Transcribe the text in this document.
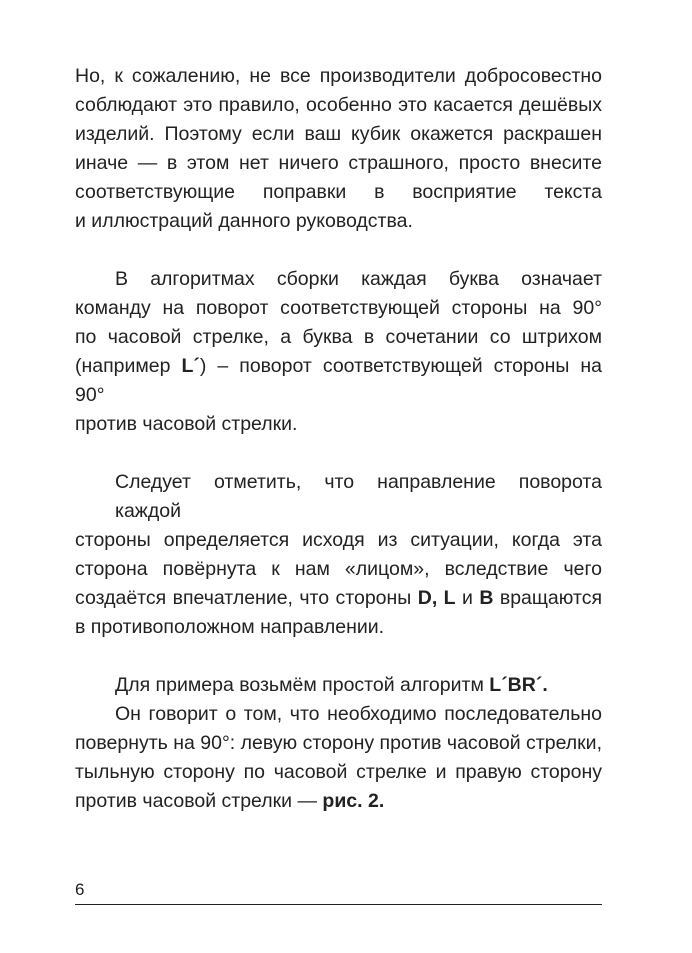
Но, к сожалению, не все производители добросовестно
соблюдают это правило, особенно это касается дешёвых
изделий. Поэтому если ваш кубик окажется раскрашен
иначе — в этом нет ничего страшного, просто внесите
соответствующие поправки в восприятие текста
и иллюстраций данного руководства.
В алгоритмах сборки каждая буква означает
команду на поворот соответствующей стороны на 90°
по часовой стрелке, а буква в сочетании со штрихом
(например L´) – поворот соответствующей стороны на 90°
против часовой стрелки.
Следует отметить, что направление поворота каждой
стороны определяется исходя из ситуации, когда эта
сторона повёрнута к нам «лицом», вследствие чего
создаётся впечатление, что стороны D, L и B вращаются
в противоположном направлении.
Для примера возьмём простой алгоритм L´BR´.
Он говорит о том, что необходимо последовательно
повернуть на 90°: левую сторону против часовой стрелки,
тыльную сторону по часовой стрелке и правую сторону
против часовой стрелки — рис. 2.
6
